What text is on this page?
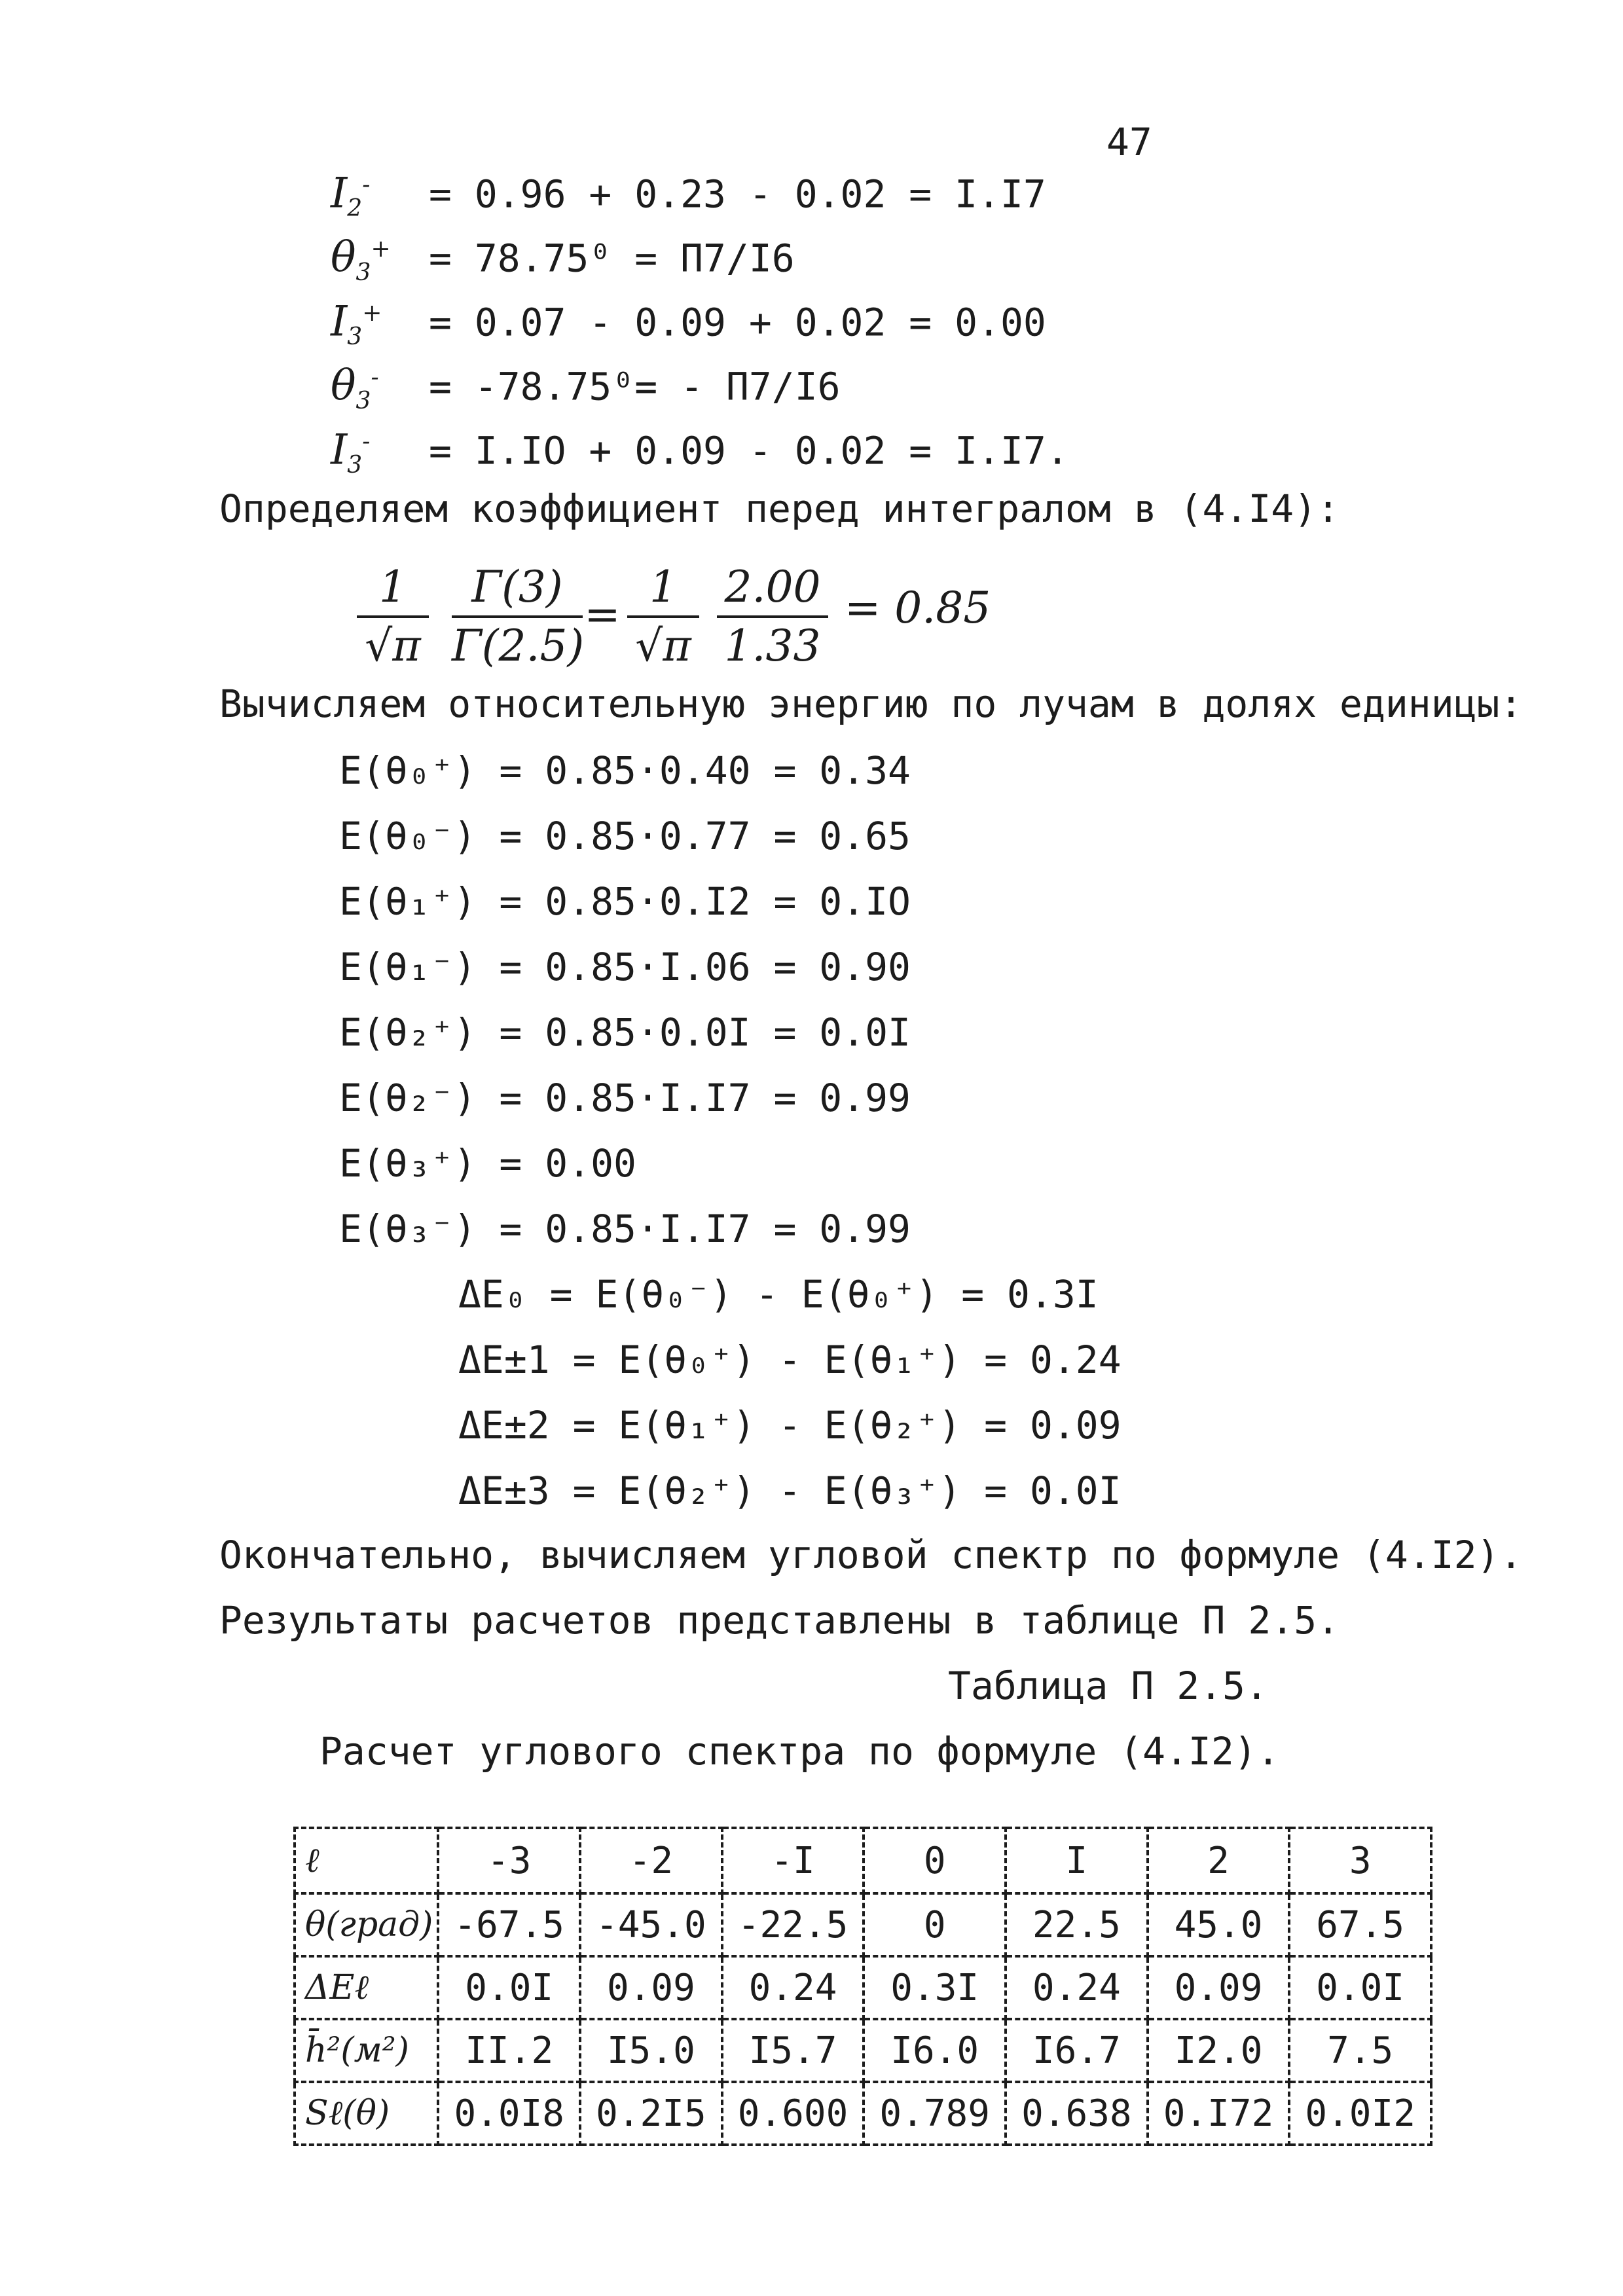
47
$I_2^- = 0.96 + 0.23 - 0.02 = I.I7$
$\theta_3^+ = 78.75^0 = П7/I6$
$I_3^+ = 0.07 - 0.09 + 0.02 = 0.00$
$\theta_3^- = -78.75^0= - П7/I6$
$I_3^- = I.IO + 0.09 - 0.02 = I.I7$.
Определяем коэффициент перед интегралом в (4.I4):
1
√π
Γ(3)
Γ(2.5)
=
1
√π
2.00
1.33
= 0.85
Вычисляем относительную энергию по лучам в долях единицы:
E(θ₀⁺) = 0.85·0.40 = 0.34
E(θ₀⁻) = 0.85·0.77 = 0.65
E(θ₁⁺) = 0.85·0.I2 = 0.IO
E(θ₁⁻) = 0.85·I.06 = 0.90
E(θ₂⁺) = 0.85·0.0I = 0.0I
E(θ₂⁻) = 0.85·I.I7 = 0.99
E(θ₃⁺) = 0.00
E(θ₃⁻) = 0.85·I.I7 = 0.99
ΔE₀ = E(θ₀⁻) - E(θ₀⁺) = 0.3I
ΔE±1 = E(θ₀⁺) - E(θ₁⁺) = 0.24
ΔE±2 = E(θ₁⁺) - E(θ₂⁺) = 0.09
ΔE±3 = E(θ₂⁺) - E(θ₃⁺) = 0.0I
Окончательно, вычисляем угловой спектр по формуле (4.I2).
Результаты расчетов представлены в таблице П 2.5.
Таблица П 2.5.
Расчет углового спектра по формуле (4.I2).
ℓ	-3	-2	-I	0	I	2	3
θ(град)	-67.5	-45.0	-22.5	0	22.5	45.0	67.5
ΔEℓ	0.0I	0.09	0.24	0.3I	0.24	0.09	0.0I
h̄²(м²)	II.2	I5.0	I5.7	I6.0	I6.7	I2.0	7.5
Sℓ(θ)	0.0I8	0.2I5	0.600	0.789	0.638	0.I72	0.0I2
